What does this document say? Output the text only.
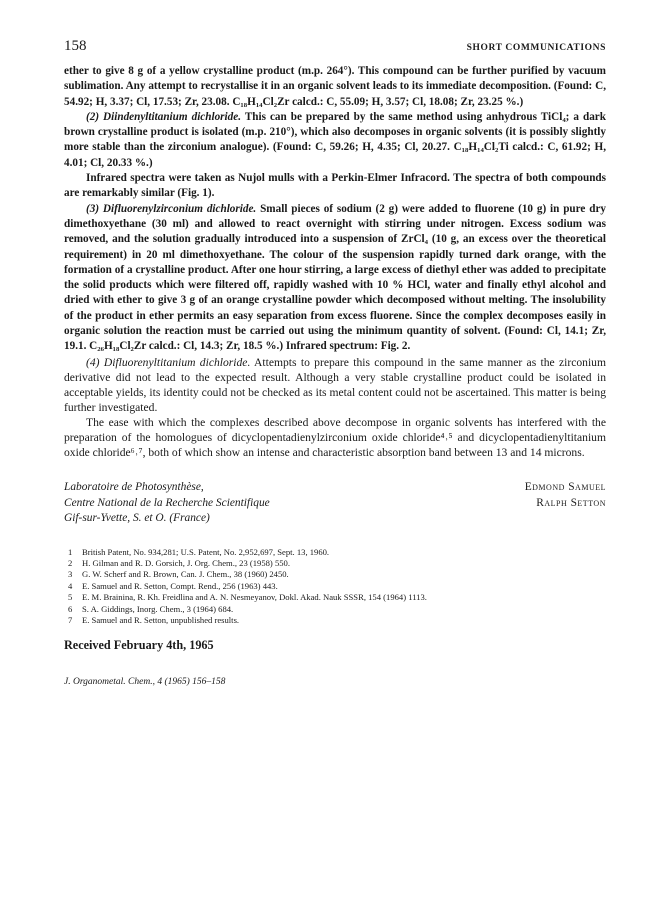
158	SHORT COMMUNICATIONS

ether to give 8 g of a yellow crystalline product (m.p. 264°). This compound can be further purified by vacuum sublimation. Any attempt to recrystallise it in an organic solvent leads to its immediate decomposition. (Found: C, 54.92; H, 3.37; Cl, 17.53; Zr, 23.08. C₁₈H₁₄Cl₂Zr calcd.: C, 55.09; H, 3.57; Cl, 18.08; Zr, 23.25 %.)

(2) Diindenyltitanium dichloride. This can be prepared by the same method using anhydrous TiCl₄; a dark brown crystalline product is isolated (m.p. 210°), which also decomposes in organic solvents (it is possibly slightly more stable than the zirconium analogue). (Found: C, 59.26; H, 4.35; Cl, 20.27. C₁₈H₁₄Cl₂Ti calcd.: C, 61.92; H, 4.01; Cl, 20.33 %.)

Infrared spectra were taken as Nujol mulls with a Perkin-Elmer Infracord. The spectra of both compounds are remarkably similar (Fig. 1).

(3) Difluorenylzirconium dichloride. Small pieces of sodium (2 g) were added to fluorene (10 g) in pure dry dimethoxyethane (30 ml) and allowed to react overnight with stirring under nitrogen. Excess sodium was removed, and the solution gradually introduced into a suspension of ZrCl₄ (10 g, an excess over the theoretical requirement) in 20 ml dimethoxyethane. The colour of the suspension rapidly turned dark orange, with the formation of a crystalline product. After one hour stirring, a large excess of diethyl ether was added to precipitate the solid products which were filtered off, rapidly washed with 10 % HCl, water and finally ethyl alcohol and dried with ether to give 3 g of an orange crystalline powder which decomposed without melting. The insolubility of the product in ether permits an easy separation from excess fluorene. Since the complex decomposes easily in organic solution the reaction must be carried out using the minimum quantity of solvent. (Found: Cl, 14.1; Zr, 19.1. C₂₆H₁₈Cl₂Zr calcd.: Cl, 14.3; Zr, 18.5 %.) Infrared spectrum: Fig. 2.

(4) Difluorenyltitanium dichloride. Attempts to prepare this compound in the same manner as the zirconium derivative did not lead to the expected result. Although a very stable crystalline product could be isolated in acceptable yields, its identity could not be checked as its metal content could not be ascertained. This matter is being further investigated.

The ease with which the complexes described above decompose in organic solvents has interfered with the preparation of the homologues of dicyclopentadienylzirconium oxide chloride⁴˒⁵ and dicyclopentadienyltitanium oxide chloride⁶˒⁷, both of which show an intense and characteristic absorption band between 13 and 14 microns.

Laboratoire de Photosynthèse,
Centre National de la Recherche Scientifique
Gif-sur-Yvette, S. et O. (France)
Edmond Samuel
Ralph Setton
1	British Patent, No. 934,281; U.S. Patent, No. 2,952,697, Sept. 13, 1960.
2	H. Gilman and R. D. Gorsich, J. Org. Chem., 23 (1958) 550.
3	G. W. Scherf and R. Brown, Can. J. Chem., 38 (1960) 2450.
4	E. Samuel and R. Setton, Compt. Rend., 256 (1963) 443.
5	E. M. Brainina, R. Kh. Freidlina and A. N. Nesmeyanov, Dokl. Akad. Nauk SSSR, 154 (1964) 1113.
6	S. A. Giddings, Inorg. Chem., 3 (1964) 684.
7	E. Samuel and R. Setton, unpublished results.
Received February 4th, 1965
J. Organometal. Chem., 4 (1965) 156–158
